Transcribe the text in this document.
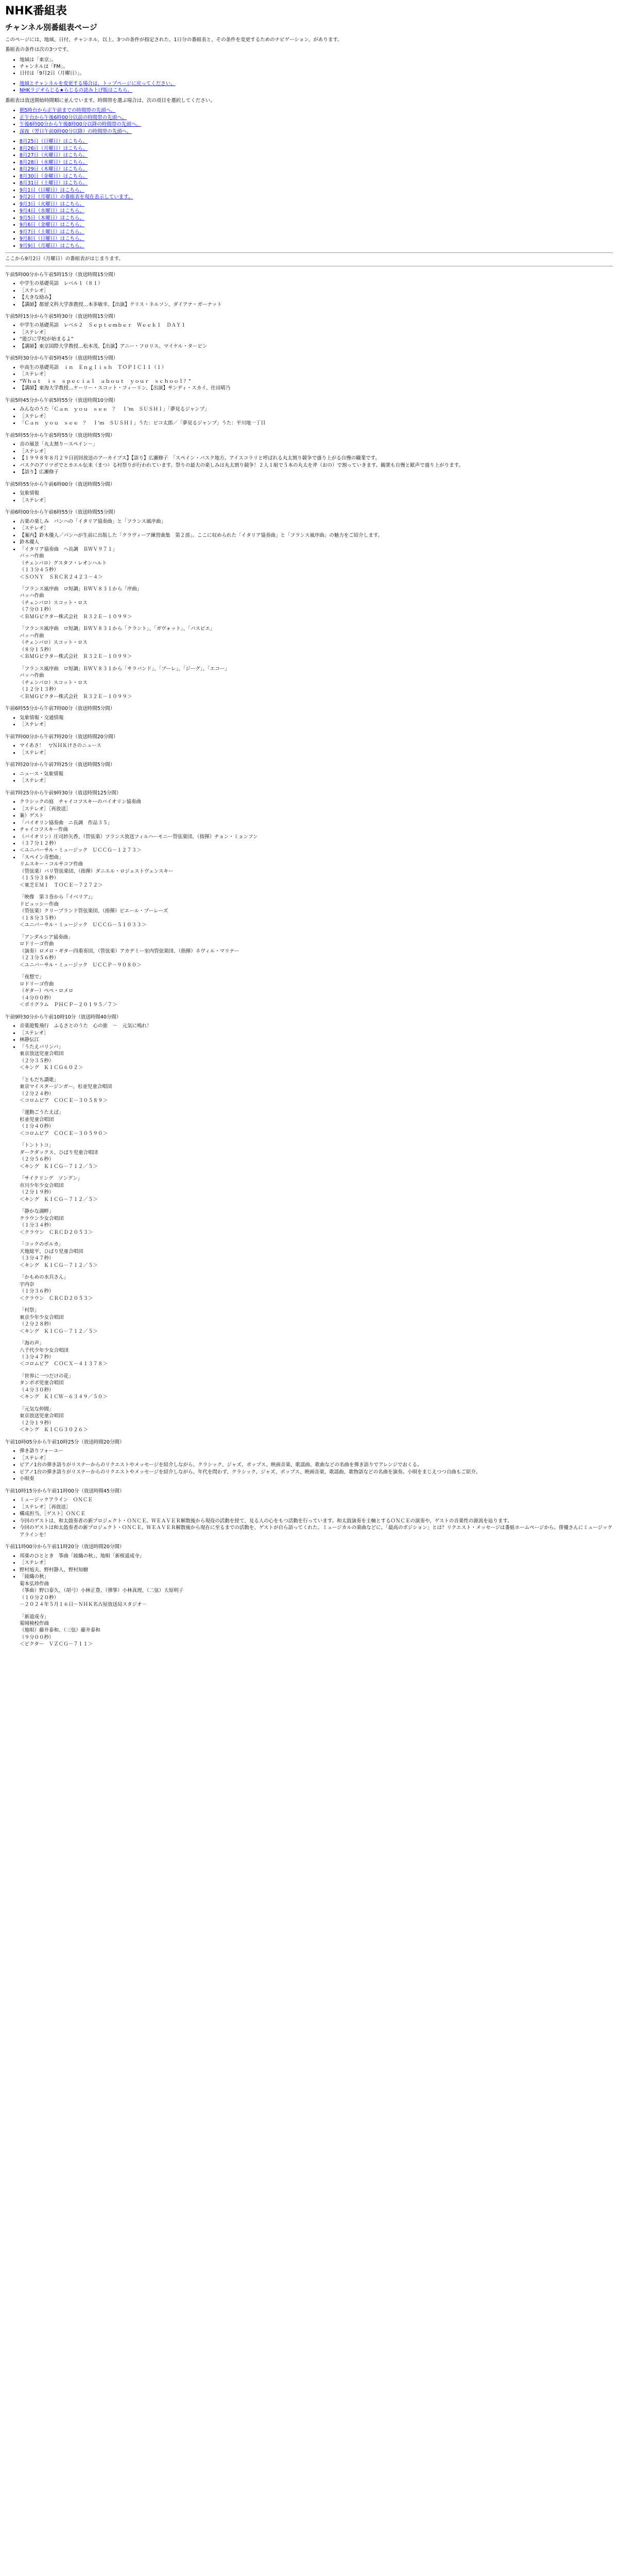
NHK番組表
チャンネル別番組表ページ

このページには、地域、日付、チャンネル、以上、3つの条件が指定された、1日分の番組表と、その条件を変更するためのナビゲーション、があります。

番組表の条件は次の3つです。

• 地域は「東京」。
• チャンネルは「FM」。
• 日付は「9月2日（月曜日）」。
• 地域とチャンネルを変更する場合は、トップページに戻ってください。
• NHKラジオらじる★らじるの読み上げ版はこちら。

番組表は放送開始時間順に並んでいます。時間帯を選ぶ場合は、次の項目を選択してください。

• 朝5時台から正午前までの時間帯の先頭へ。
• 正午台から午後6時00分以前の時間帯の先頭へ。
• 午後6時00分から午後8時00分以降の時間帯の先頭へ。
• 深夜（翌日午前0時00分以降）の時間帯の先頭へ。
• 8月25日（日曜日）はこちら。
• 8月26日（月曜日）はこちら。
• 8月27日（火曜日）はこちら。
• 8月28日（水曜日）はこちら。
• 8月29日（木曜日）はこちら。
• 8月30日（金曜日）はこちら。
• 8月31日（土曜日）はこちら。
• 9月1日（日曜日）はこちら。
• 9月2日（月曜日）の番組表を現在表示しています。
• 9月3日（火曜日）はこちら。
• 9月4日（水曜日）はこちら。
• 9月5日（木曜日）はこちら。
• 9月6日（金曜日）はこちら。
• 9月7日（土曜日）はこちら。
• 9月8日（日曜日）はこちら。
• 9月9日（月曜日）はこちら。

ここから9月2日（月曜日）の番組表がはじまります。

午前5時00分から午前5時15分（放送時間15分間）

• 中学生の基礎英語　レベル１（８１）
• ［ステレオ］
• 【大きな励み】
• 【講師】都留文科大学准教授…本多敏幸、【出演】クリス・ネルソン、ダイアナ・ガーナット

午前5時15分から午前5時30分（放送時間15分間）

• 中学生の基礎英語　レベル２　Ｓｅｐｔｅｍｂｅｒ　Ｗｅｅｋ１　ＤＡＹ１
• ［ステレオ］
• “遊びに学校が始まるよ”
• 【講師】東京国際大学教授…松本茂、【出演】アニー・フロリス、マイケル・ターピン

午前5時30分から午前5時45分（放送時間15分間）

• 中高生の基礎英語　ｉｎ　Ｅｎｇｌｉｓｈ　ＴＯＰＩＣ１１（１）
• ［ステレオ］
• “Ｗｈａｔ　ｉｓ　ｓｐｅｃｉａｌ　ａｂｏｕｔ　ｙｏｕｒ　ｓｃｈｏｏｌ？”
• 【講師】東海大学教授…ケーリー・スコット・フィーリン、【出演】サンディ・スカイ、住田晴乃

午前5時45分から午前5時55分（放送時間10分間）

• みんなのうた「Ｃａｎ　ｙｏｕ　ｓｅｅ　？　Ｉ’ｍ　ＳＵＳＨＩ」「夢見るジャンプ」
• ［ステレオ］
• 「Ｃａｎ　ｙｏｕ　ｓｅｅ　？　Ｉ’ｍ　ＳＵＳＨＩ」うた：ピコ太郎／「夢見るジャンプ」うた：平川地一丁目

午前5時55分から午前5時55分（放送時間5分間）

• 音の風景「丸太割りースペイン～」
• ［ステレオ］
• 【１９９８年８月２９日初回放送のアーカイブス】【語り】広瀬修子　「スペイン・バスク地方。アイスコラリと呼ばれる丸太割り競争で盛り上がる自慢の職業です。
• バスクのアリツボでとカエル伝来（まつ）る村祭りが行われています。祭りの最大の楽しみは丸太割り競争！２人１組で５本の丸太を斧（おの）で割っていきます。観衆も自慢と歓声で盛り上がります。
• 【語り】広瀬修子

午前5時55分から午前6時00分（放送時間5分間）

• 気象情報
• ［ステレオ］

午前6時00分から午前6時55分（放送時間55分間）

• 古楽の楽しみ　パンハの「イタリア協奏曲」と「フランス風序曲」
• ［ステレオ］
• 【案内】鈴木優人／パンハが生前に出版した「クラヴィーア練習曲集　第２部」。ここに収められた「イタリア協奏曲」と「フランス風序曲」の魅力をご紹介します。
• 鈴木優人
• 「イタリア協奏曲　ヘ長調　ＢＷＶ９７１」
バッハ作曲
（チェンバロ）グスタフ・レオンハルト
（１３分４５秒）
＜ＳＯＮＹ　ＳＲＣＲ２４２３－４＞
「フランス風序曲　ロ短調」ＢＷＶ８３１から「序曲」
バッハ作曲
（チェンバロ）スコット・ロス
（７分０１秒）
＜ＢＭＧビクター株式会社　Ｒ３２Ｅ－１０９９＞
「フランス風序曲　ロ短調」ＢＷＶ８３１から「クラント」、「ガヴォット」、「パスピエ」
バッハ作曲
（チェンバロ）スコット・ロス
（８分１５秒）
＜ＢＭＧビクター株式会社　Ｒ３２Ｅ－１０９９＞
「フランス風序曲　ロ短調」ＢＷＶ８３１から「サラバンド」、「ブーレ」、「ジーグ」、「エコー」
バッハ作曲
（チェンバロ）スコット・ロス
（１２分１３秒）
＜ＢＭＧビクター株式会社　Ｒ３２Ｅ－１０９９＞

午前6時55分から午前7時00分（放送時間5分間）

• 気象情報・交通情報
• ［ステレオ］

午前7時00分から午前7時20分（放送時間20分間）

• マイあさ！　▽ＮＨＫけさのニュース
• ［ステレオ］

午前7時20分から午前7時25分（放送時間5分間）

• ニュース・気象情報
• ［ステレオ］

午前7時25分から午前9時30分（放送時間125分間）

• クラシックの庭　チャイコフスキーのバイオリン協奏曲
• ［ステレオ］［再放送］
• 案）ゲスト
• 「バイオリン協奏曲　ニ長調　作品３５」
• チャイコフスキー作曲
• （バイオリン）庄司紗矢香、（管弦楽）フランス放送フィルハーモニー管弦楽団、（指揮）チョン・ミョンフン
• （３７分１２秒）
• ＜ユニバーサル・ミュージック　ＵＣＣＧ－１２７３＞
• 「スペイン奇想曲」
リムスキー・コルサコフ作曲
（管弦楽）パリ管弦楽団、（指揮）ダニエル・ロジェストヴェンスキー
（１５分３８秒）
＜東芝ＥＭＩ　ＴＯＣＥ－７２７２＞
「映像　第３巻から『イベリア』」
ドビュッシー作曲
（管弦楽）クリーブランド管弦楽団、（指揮）ピエール・ブーレーズ
（１８分３５秒）
＜ユニバーサル・ミュージック　ＵＣＣＧ－５１０３３＞
「アンダルシア協奏曲」
ロドリーゴ作曲
（演奏）ロメロ・ギター四重奏団、（管弦楽）アカデミー室内管弦楽団、（指揮）ネヴィル・マリナー
（２３分５６秒）
＜ユニバーサル・ミュージック　ＵＣＣＰ－９０８０＞
「夜想で」
ロドリーゴ作曲
（ギター）ペペ・ロメロ
（４分００秒）
＜ポリグラム　ＰＨＣＰ－２０１９５／７＞

午前9時30分から午前10時10分（放送時間40分間）

• 音楽遊覧飛行　ふるさとのうた　心の旅　～　元気に鳴れ！
• ［ステレオ］
• 林静伝江
• 「うたえバリンバ」
東京放送児童合唱団
（２分３５秒）
＜キング　ＫＩＣＧ６０２＞
「ともだち讃歌」
東京マイスタージンガー、杉並児童合唱団
（２分２４秒）
＜コロムビア　ＣＯＣＥ－３０５８９＞
「運動ごうたえば」
杉並児童合唱団
（１分４０秒）
＜コロムビア　ＣＯＣＥ－３０５９０＞
「トントトコ」
ダークダックス、ひばり児童合唱団
（２分５６秒）
＜キング　ＫＩＣＧ－７１２／５＞
「サイクリング　ソングン」
市川少年少女合唱団
（２分１９秒）
＜キング　ＫＩＣＧ－７１２／５＞
「静かな湖畔」
クラウン少女合唱団
（１分３４秒）
＜クラウン　ＣＲＣＤ２０５３＞
「コックのポルカ」
天地総平、ひばり児童合唱団
（３分４７秒）
＜キング　ＫＩＣＧ－７１２／５＞
「かもめの水兵さん」
宇内奈
（１分３６秒）
＜クラウン　ＣＲＣＤ２０５３＞
「村祭」
東京少年少女合唱団
（２分２８秒）
＜キング　ＫＩＣＧ－７１２／５＞
「海の声」
八千代少年少女合唱団
（３分４７秒）
＜コロムビア　ＣＯＣＸ－４１３７８＞
「世界に一つだけの花」
タンポポ児童合唱団
（４分３０秒）
＜キング　ＫＩＣＷ－６３４９／５０＞
「元気な仲間」
東京放送児童合唱団
（２分１９秒）
＜キング　ＫＩＣＧ３０２６＞

午前10時05分から午前10時25分（放送時間20分間）

• 弾き語りフォーユー
• ［ステレオ］
• ピアノ1台の弾き語りがリスナーからのリクエストやメッセージを紹介しながら、クラシック、ジャズ、ポップス、映画音楽、歌謡曲、歌曲などの名曲を弾き語りでアレンジでおくる。
• ピアノ1台の弾き語りがリスナーからのリクエストやメッセージを紹介しながら、年代を問わず、クラシック、ジャズ、ポップス、映画音楽、歌謡曲、歌物語などの名曲を演奏。小唄をまじえつつ自曲もご紹介。
• 小唄奏

午前10時15分から午前11時00分（放送時間45分間）

• ミュージックアライン　ＯＮＣＥ
• ［ステレオ］［再放送］
• 構成担当、［ゲスト］ＯＮＣＥ
• 今回のゲストは、和太鼓奏者の新プロジェクト・ＯＮＣＥ。ＷＥＡＶＥＲ解散後から現役の活動を経て、見る人の心をもつ活動を行っています。和太鼓演奏を主軸とするＯＮＣＥの演奏や、ゲストの音楽性の源流を辿ります。
• 今回のゲストは和太鼓奏者の新プロジェクト・ＯＮＣＥ。ＷＥＡＶＥＲ解散後から現在に至るまでの活動を、ゲストが自ら語ってくれた。ミュージカルの楽曲などに。「最高のポジション」とは？リクエスト・メッセージは番組ホームページから。俳優さんにミュージックアラインを！

午前11時00分から午前11時20分（放送時間20分間）

• 邦楽のひととき　筝曲「綾織の秋」、地唄「新桜道成寺」
• ［ステレオ］
• 野村旭夫、野村静人、野村知樹
• 「綾織の秋」
菊本弘珍作曲
（箏曲）野口泰久、（胡弓）小林正豊、（弾箏）小林真理、（二弦）大原明子
（１０分２０秒）
－２０２４年５月１６日～ＮＨＫ名古屋放送局スタジオ－
「新道成寺」
菊岡検校作曲
（地唄）藤井泰和、（三弦）藤井泰和
（９分００秒）
＜ビクター　ＶＺＣＧ－７１１＞
